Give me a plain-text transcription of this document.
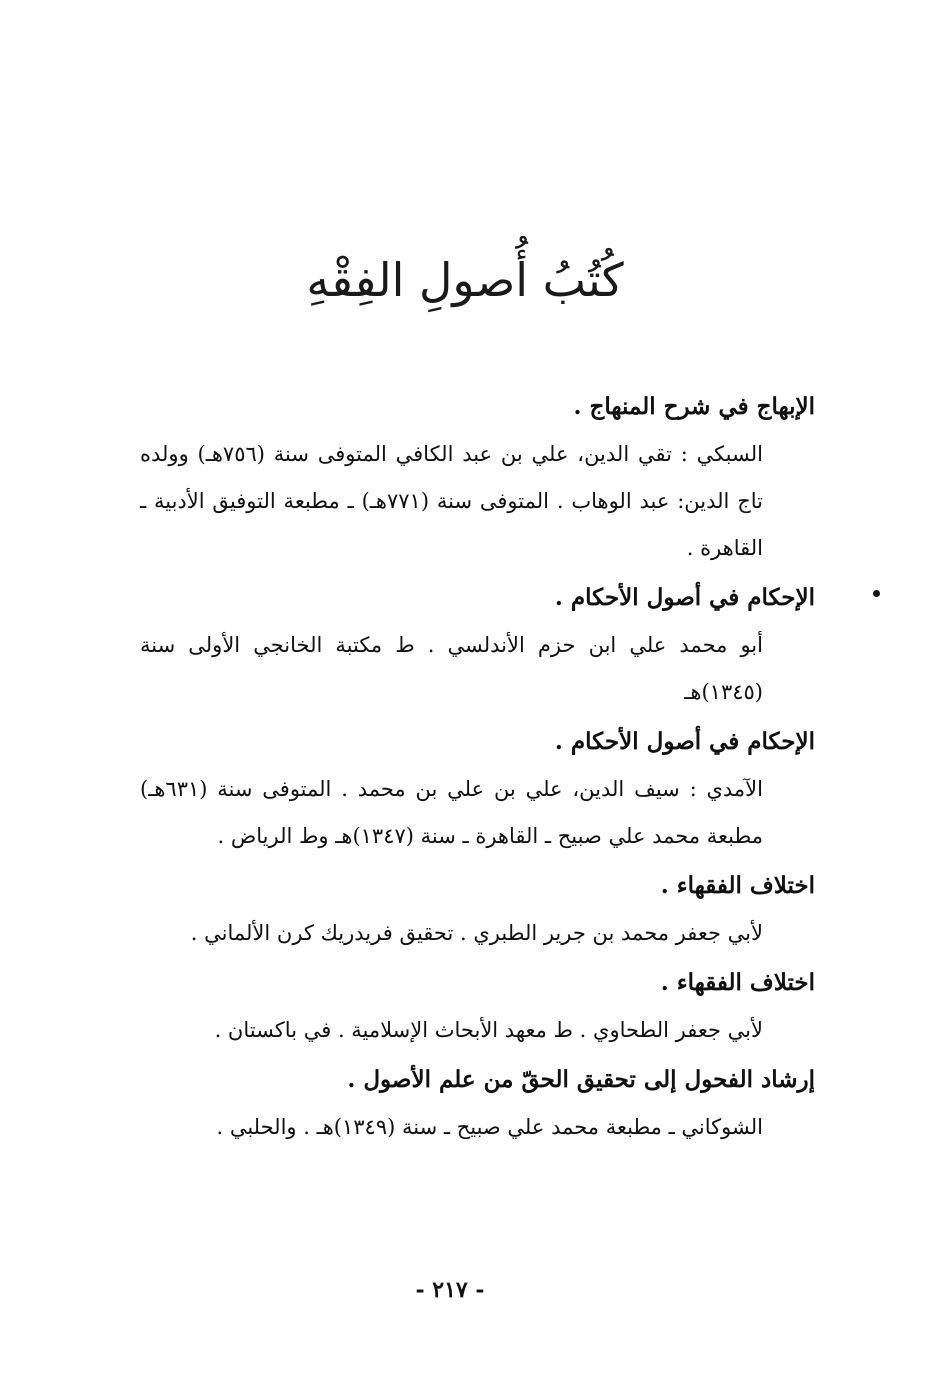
كُتُبُ أُصولِ الفِقْهِ
الإبهاج في شرح المنهاج .
السبكي : تقي الدين، علي بن عبد الكافي المتوفى سنة (٧٥٦هـ) وولده تاج الدين: عبد الوهاب . المتوفى سنة (٧٧١هـ) ـ مطبعة التوفيق الأدبية ـ القاهرة .
الإحكام في أصول الأحكام .
أبو محمد علي ابن حزم الأندلسي . ط مكتبة الخانجي الأولى سنة (١٣٤٥)هـ
الإحكام في أصول الأحكام .
الآمدي : سيف الدين، علي بن علي بن محمد . المتوفى سنة (٦٣١هـ) مطبعة محمد علي صبيح ـ القاهرة ـ سنة (١٣٤٧)هـ وط الرياض .
اختلاف الفقهاء .
لأبي جعفر محمد بن جرير الطبري . تحقيق فريدريك كرن الألماني .
اختلاف الفقهاء .
لأبي جعفر الطحاوي . ط معهد الأبحاث الإسلامية . في باكستان .
إرشاد الفحول إلى تحقيق الحقّ من علم الأصول .
الشوكاني ـ مطبعة محمد علي صبيح ـ سنة (١٣٤٩)هـ . والحلبي .
- ٢١٧ -
